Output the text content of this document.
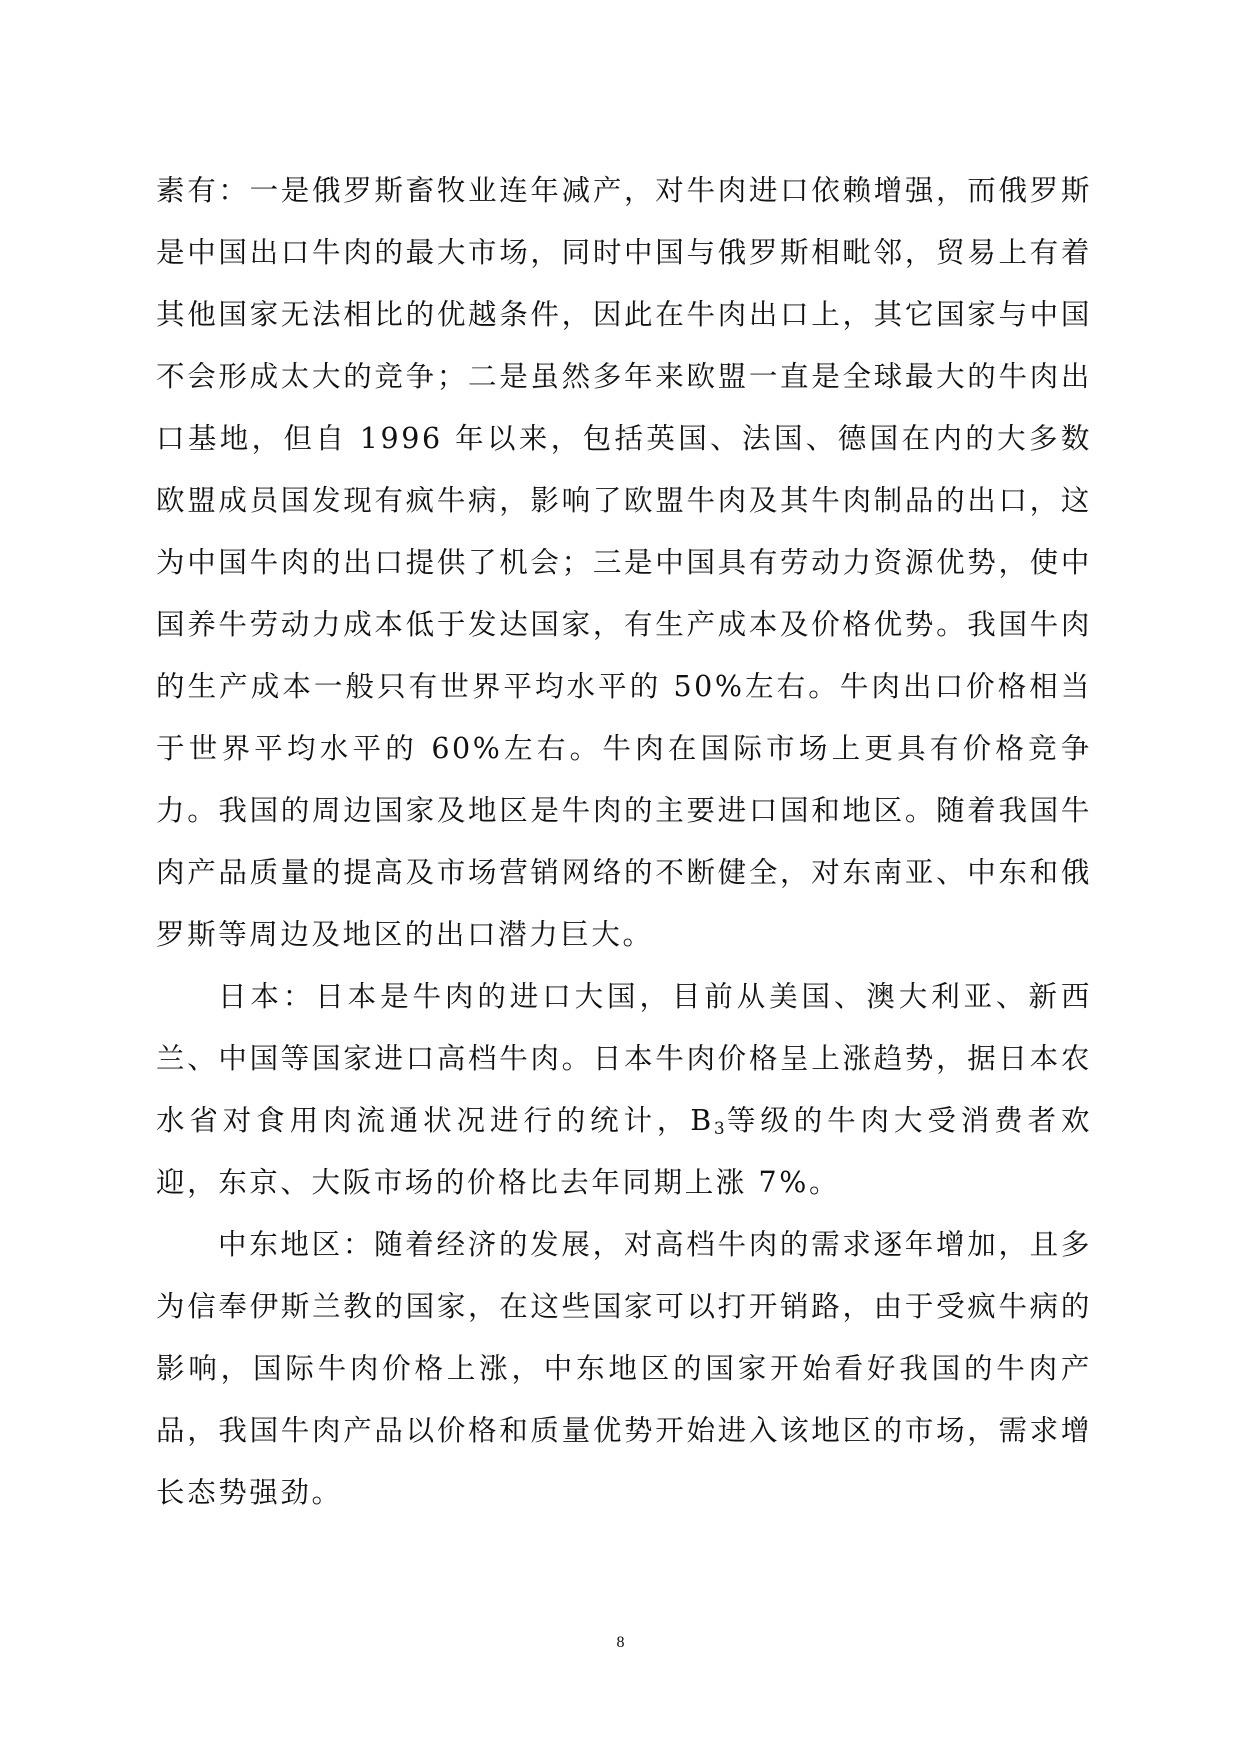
素有：一是俄罗斯畜牧业连年减产，对牛肉进口依赖增强，而俄罗斯是中国出口牛肉的最大市场，同时中国与俄罗斯相毗邻，贸易上有着其他国家无法相比的优越条件，因此在牛肉出口上，其它国家与中国不会形成太大的竞争；二是虽然多年来欧盟一直是全球最大的牛肉出口基地，但自 1996 年以来，包括英国、法国、德国在内的大多数欧盟成员国发现有疯牛病，影响了欧盟牛肉及其牛肉制品的出口，这为中国牛肉的出口提供了机会；三是中国具有劳动力资源优势，使中国养牛劳动力成本低于发达国家，有生产成本及价格优势。我国牛肉的生产成本一般只有世界平均水平的 50%左右。牛肉出口价格相当于世界平均水平的 60%左右。牛肉在国际市场上更具有价格竞争力。我国的周边国家及地区是牛肉的主要进口国和地区。随着我国牛肉产品质量的提高及市场营销网络的不断健全，对东南亚、中东和俄罗斯等周边及地区的出口潜力巨大。

日本：日本是牛肉的进口大国，目前从美国、澳大利亚、新西兰、中国等国家进口高档牛肉。日本牛肉价格呈上涨趋势，据日本农水省对食用肉流通状况进行的统计，$B_3$等级的牛肉大受消费者欢迎，东京、大阪市场的价格比去年同期上涨 7%。

中东地区：随着经济的发展，对高档牛肉的需求逐年增加，且多为信奉伊斯兰教的国家，在这些国家可以打开销路，由于受疯牛病的影响，国际牛肉价格上涨，中东地区的国家开始看好我国的牛肉产品，我国牛肉产品以价格和质量优势开始进入该地区的市场，需求增长态势强劲。

8
